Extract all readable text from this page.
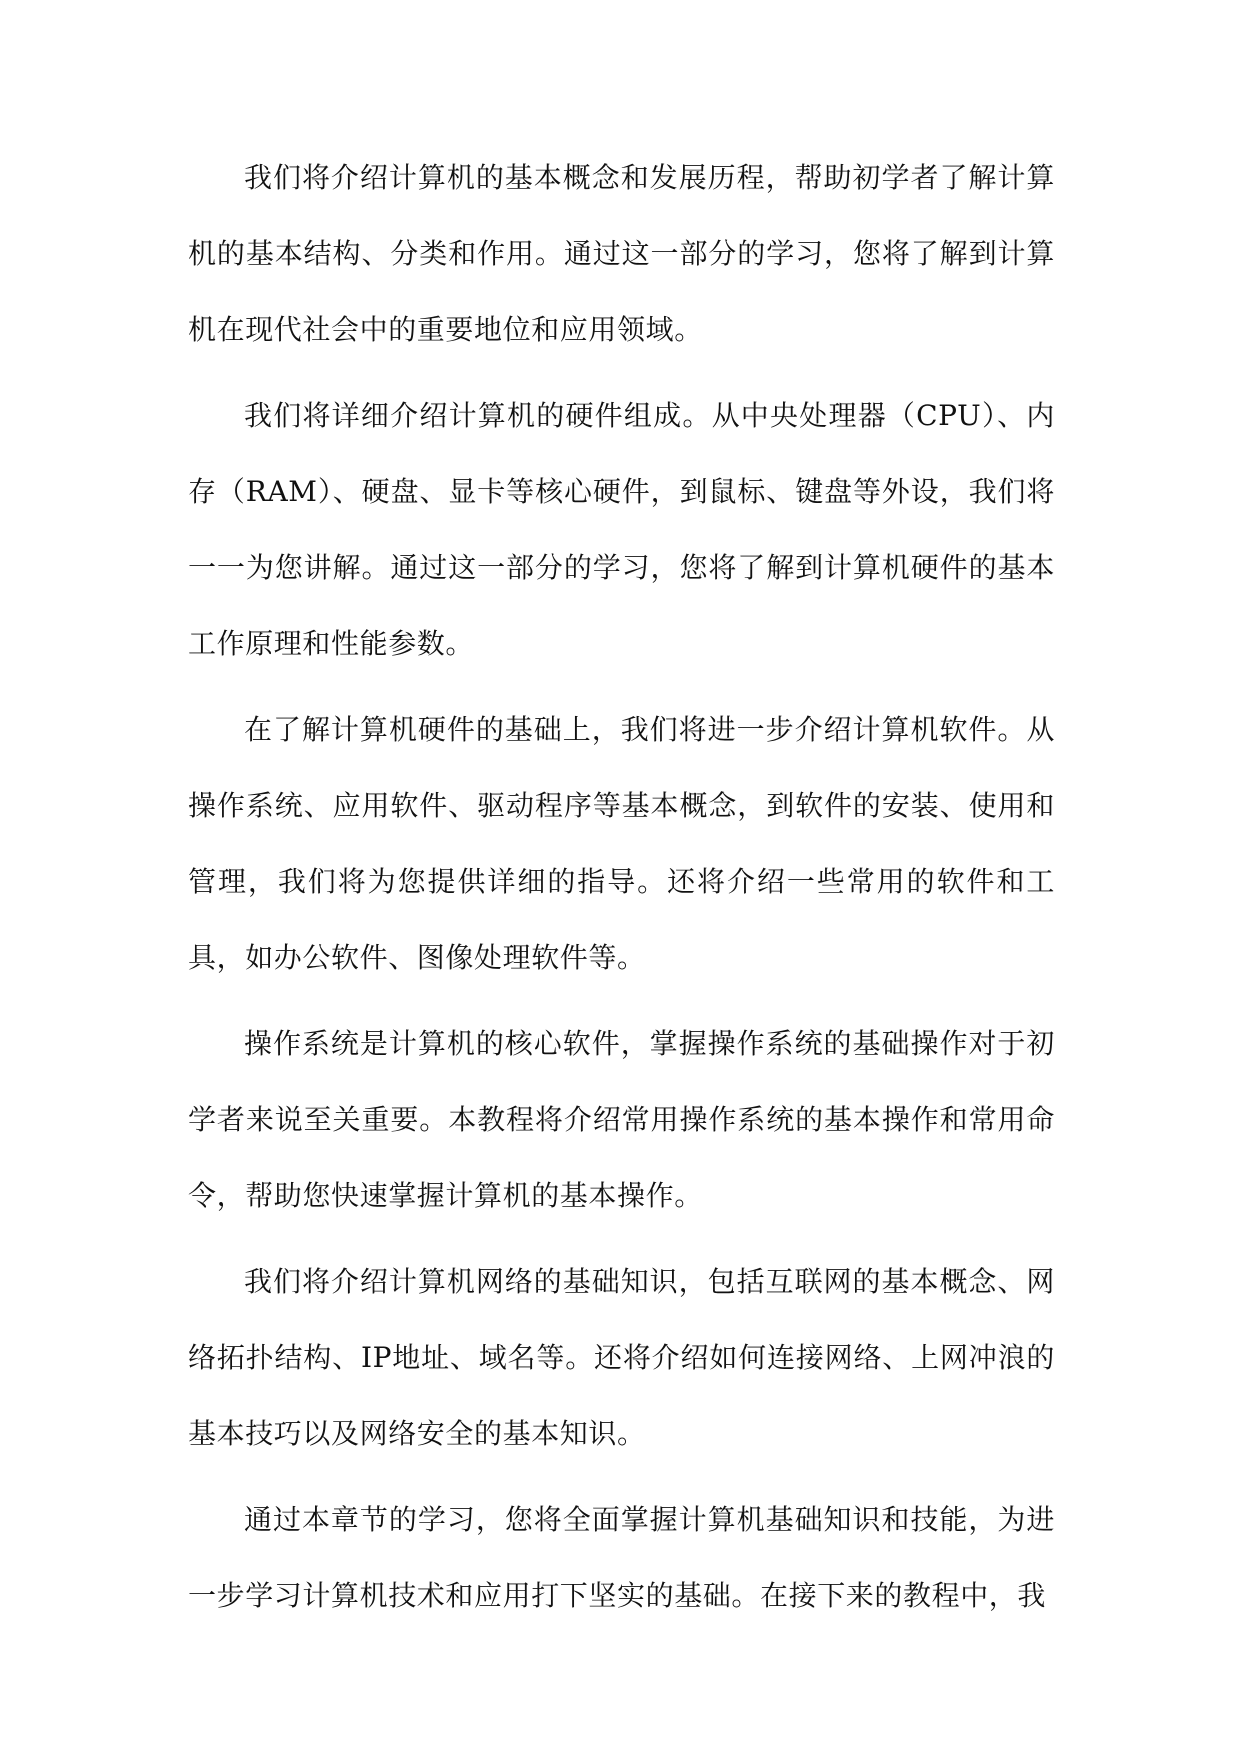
我们将介绍计算机的基本概念和发展历程，帮助初学者了解计算机的基本结构、分类和作用。通过这一部分的学习，您将了解到计算机在现代社会中的重要地位和应用领域。

我们将详细介绍计算机的硬件组成。从中央处理器（CPU）、内存（RAM）、硬盘、显卡等核心硬件，到鼠标、键盘等外设，我们将一一为您讲解。通过这一部分的学习，您将了解到计算机硬件的基本工作原理和性能参数。

在了解计算机硬件的基础上，我们将进一步介绍计算机软件。从操作系统、应用软件、驱动程序等基本概念，到软件的安装、使用和管理，我们将为您提供详细的指导。还将介绍一些常用的软件和工具，如办公软件、图像处理软件等。

操作系统是计算机的核心软件，掌握操作系统的基础操作对于初学者来说至关重要。本教程将介绍常用操作系统的基本操作和常用命令，帮助您快速掌握计算机的基本操作。

我们将介绍计算机网络的基础知识，包括互联网的基本概念、网络拓扑结构、IP地址、域名等。还将介绍如何连接网络、上网冲浪的基本技巧以及网络安全的基本知识。

通过本章节的学习，您将全面掌握计算机基础知识和技能，为进一步学习计算机技术和应用打下坚实的基础。在接下来的教程中，我
